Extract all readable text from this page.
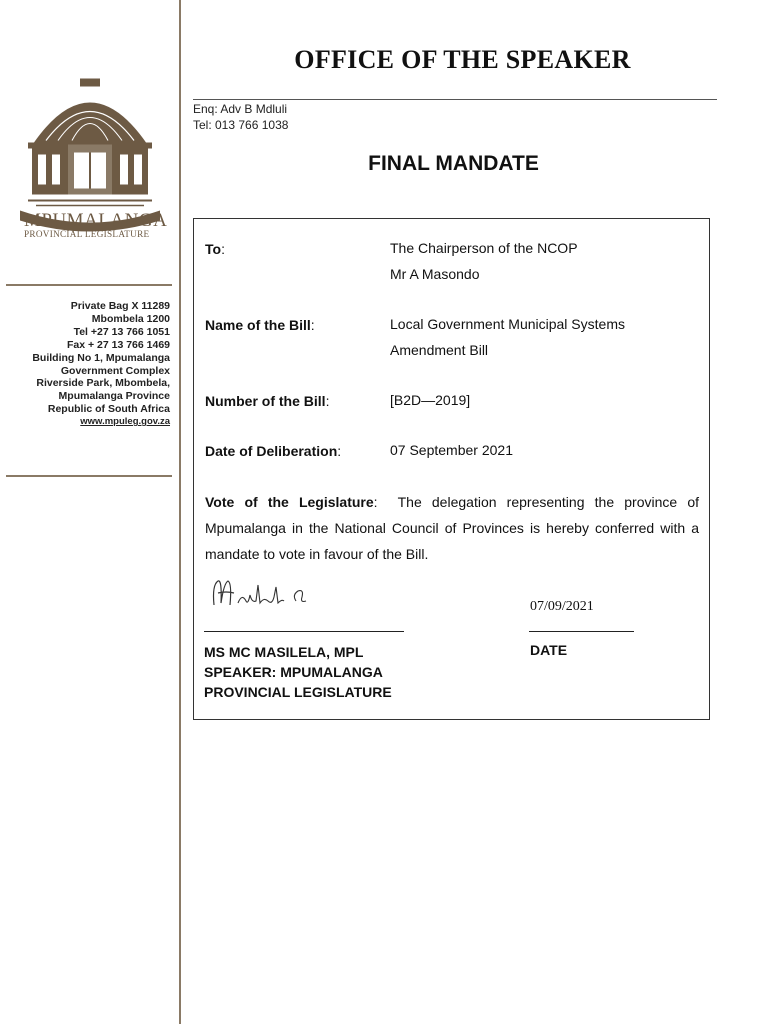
MPUMALANGA
PROVINCIAL LEGISLATURE
Private Bag X 11289
Mbombela 1200
Tel +27 13 766 1051
Fax + 27 13 766 1469
Building No 1, Mpumalanga
Government Complex
Riverside Park, Mbombela,
Mpumalanga Province
Republic of South Africa
www.mpuleg.gov.za
OFFICE OF THE SPEAKER
Enq: Adv B Mdluli
Tel: 013 766 1038
FINAL MANDATE
To:	The Chairperson of the NCOP
Mr A Masondo
Name of the Bill:	Local Government Municipal Systems
Amendment Bill
Number of the Bill:	[B2D—2019]
Date of Deliberation:	07 September 2021
Vote of the Legislature:  The delegation representing the province of Mpumalanga in the National Council of Provinces is hereby conferred with a mandate to vote in favour of the Bill.
07/09/2021
MS MC MASILELA, MPL
SPEAKER: MPUMALANGA
PROVINCIAL LEGISLATURE
DATE
